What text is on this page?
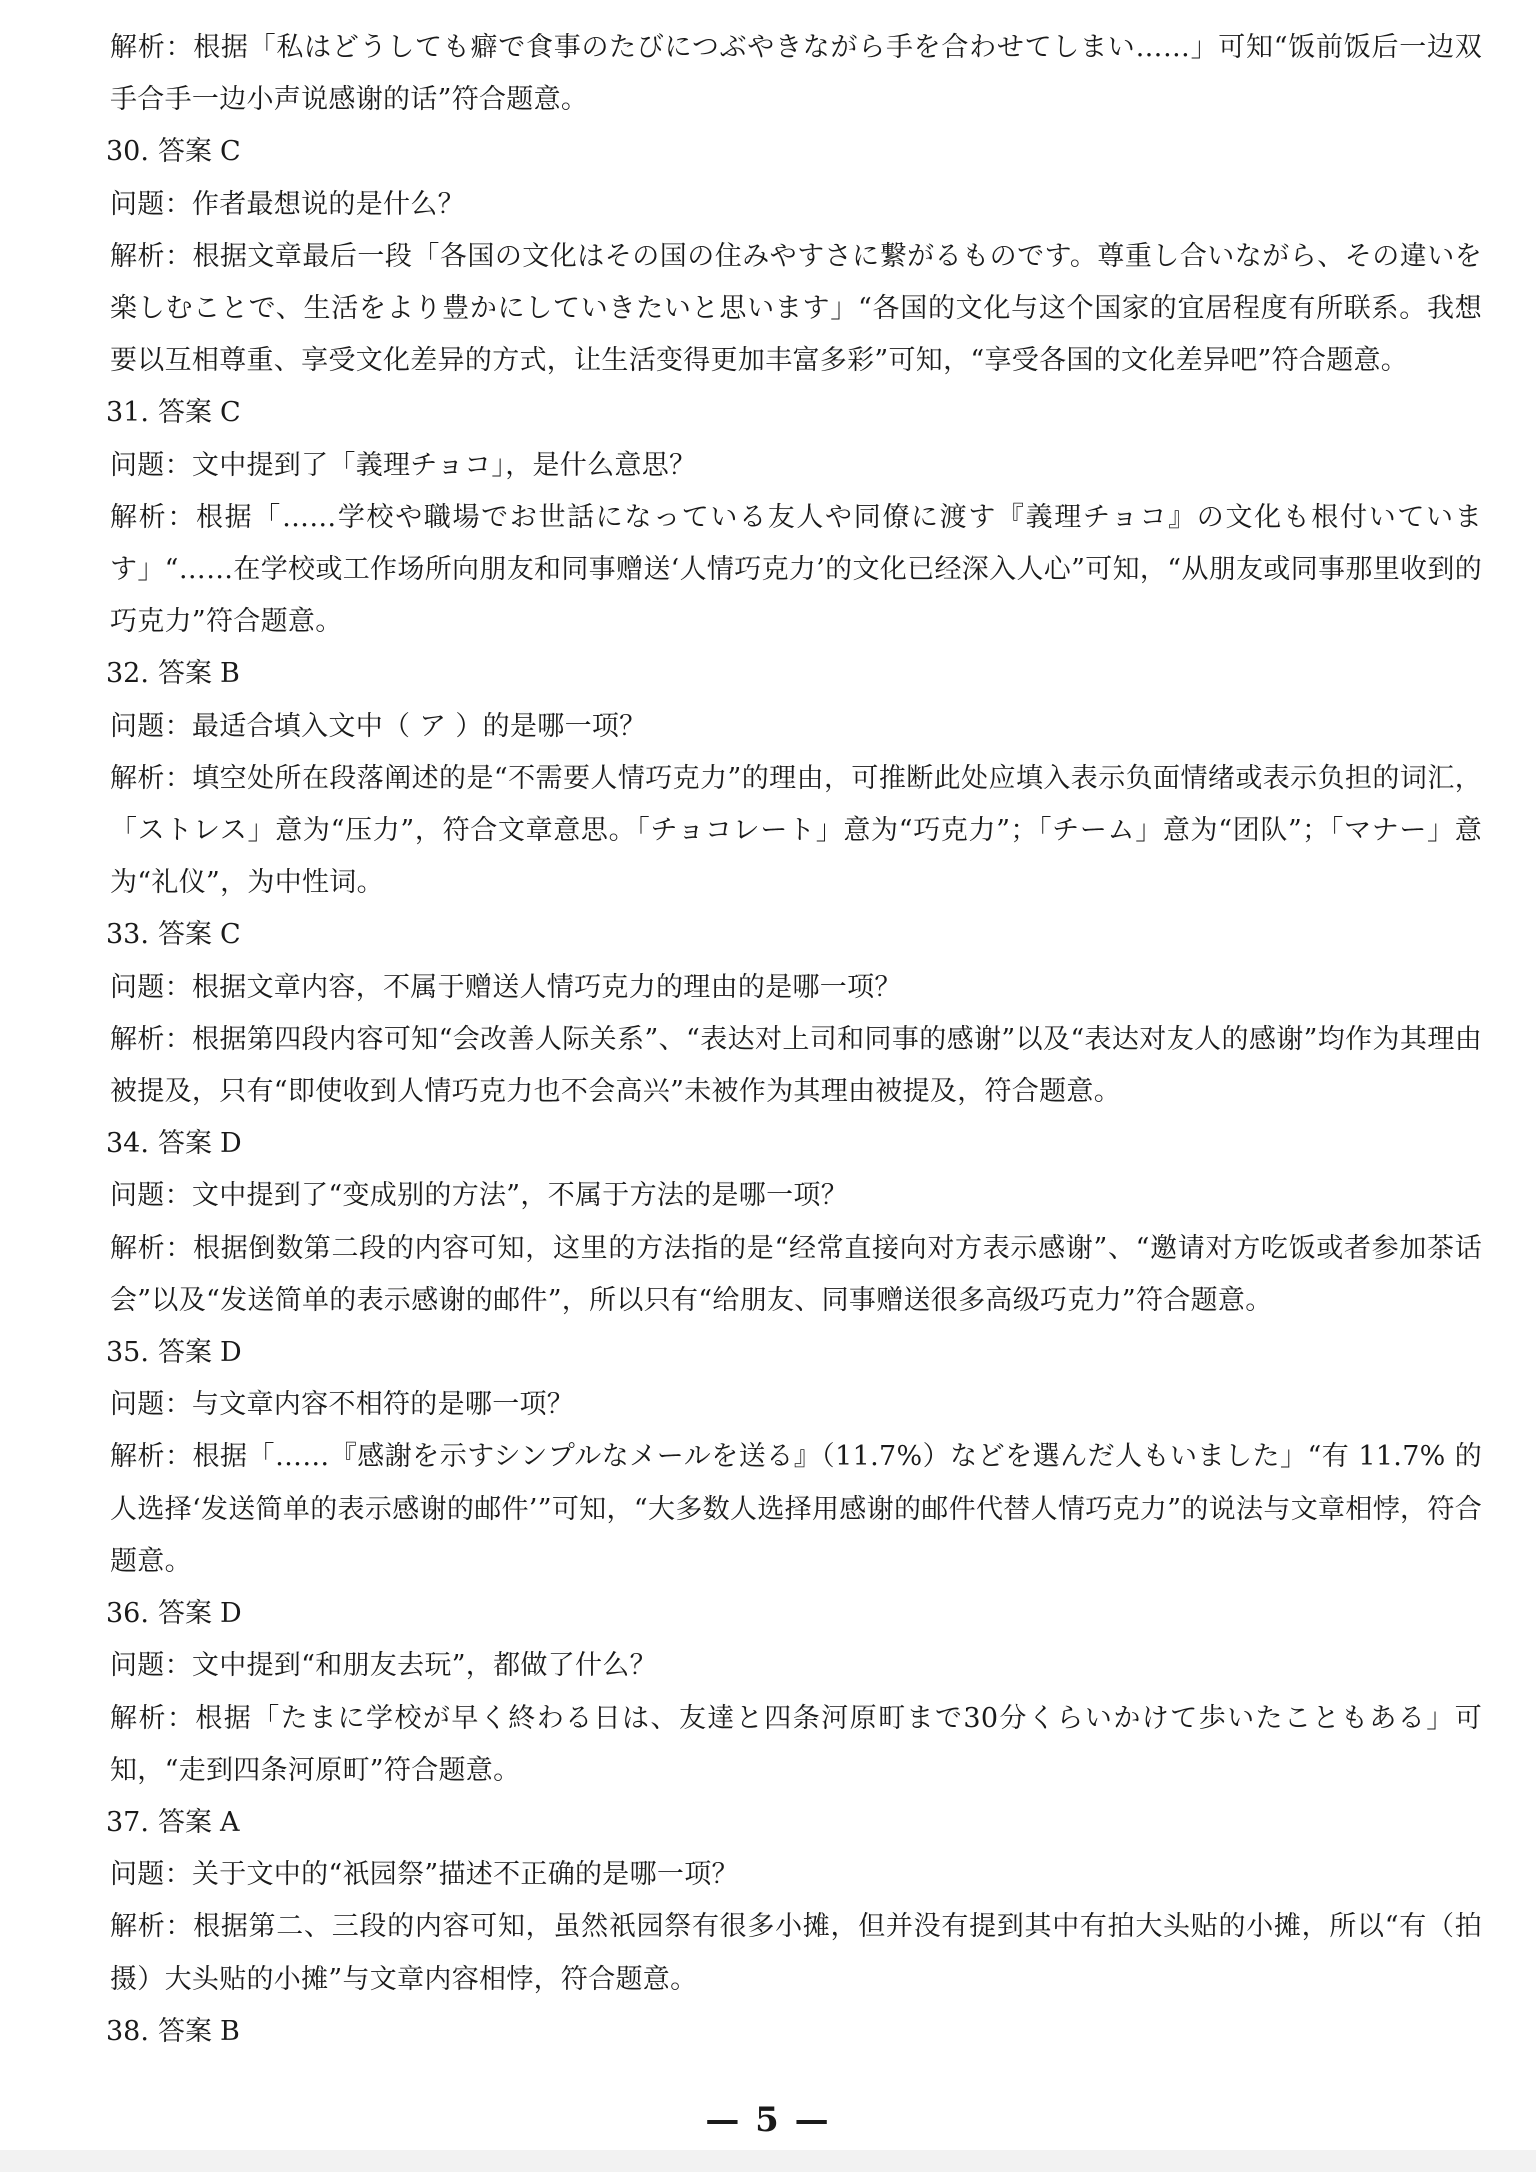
解析：根据「私はどうしても癖で食事のたびにつぶやきながら手を合わせてしまい……」可知“饭前饭后一边双手合手一边小声说感谢的话”符合题意。

30. 答案 C

问题：作者最想说的是什么？

解析：根据文章最后一段「各国の文化はその国の住みやすさに繋がるものです。尊重し合いながら、その違いを楽しむことで、生活をより豊かにしていきたいと思います」“各国的文化与这个国家的宜居程度有所联系。我想要以互相尊重、享受文化差异的方式，让生活变得更加丰富多彩”可知，“享受各国的文化差异吧”符合题意。

31. 答案 C

问题：文中提到了「義理チョコ」，是什么意思？

解析：根据「……学校や職場でお世話になっている友人や同僚に渡す『義理チョコ』の文化も根付いています」“……在学校或工作场所向朋友和同事赠送‘人情巧克力’的文化已经深入人心”可知，“从朋友或同事那里收到的巧克力”符合题意。

32. 答案 B

问题：最适合填入文中（ ア ）的是哪一项？

解析：填空处所在段落阐述的是“不需要人情巧克力”的理由，可推断此处应填入表示负面情绪或表示负担的词汇，「ストレス」意为“压力”，符合文章意思。「チョコレート」意为“巧克力”；「チーム」意为“团队”；「マナー」意为“礼仪”，为中性词。

33. 答案 C

问题：根据文章内容，不属于赠送人情巧克力的理由的是哪一项？

解析：根据第四段内容可知“会改善人际关系”、“表达对上司和同事的感谢”以及“表达对友人的感谢”均作为其理由被提及，只有“即使收到人情巧克力也不会高兴”未被作为其理由被提及，符合题意。

34. 答案 D

问题：文中提到了“变成别的方法”，不属于方法的是哪一项？

解析：根据倒数第二段的内容可知，这里的方法指的是“经常直接向对方表示感谢”、“邀请对方吃饭或者参加茶话会”以及“发送简单的表示感谢的邮件”，所以只有“给朋友、同事赠送很多高级巧克力”符合题意。

35. 答案 D

问题：与文章内容不相符的是哪一项？

解析：根据「……『感謝を示すシンプルなメールを送る』（11.7%）などを選んだ人もいました」“有 11.7% 的人选择‘发送简单的表示感谢的邮件’”可知，“大多数人选择用感谢的邮件代替人情巧克力”的说法与文章相悖，符合题意。

36. 答案 D

问题：文中提到“和朋友去玩”，都做了什么？

解析：根据「たまに学校が早く終わる日は、友達と四条河原町まで30分くらいかけて歩いたこともある」可知，“走到四条河原町”符合题意。

37. 答案 A

问题：关于文中的“祇园祭”描述不正确的是哪一项？

解析：根据第二、三段的内容可知，虽然祇园祭有很多小摊，但并没有提到其中有拍大头贴的小摊，所以“有（拍摄）大头贴的小摊”与文章内容相悖，符合题意。

38. 答案 B

— 5 —
